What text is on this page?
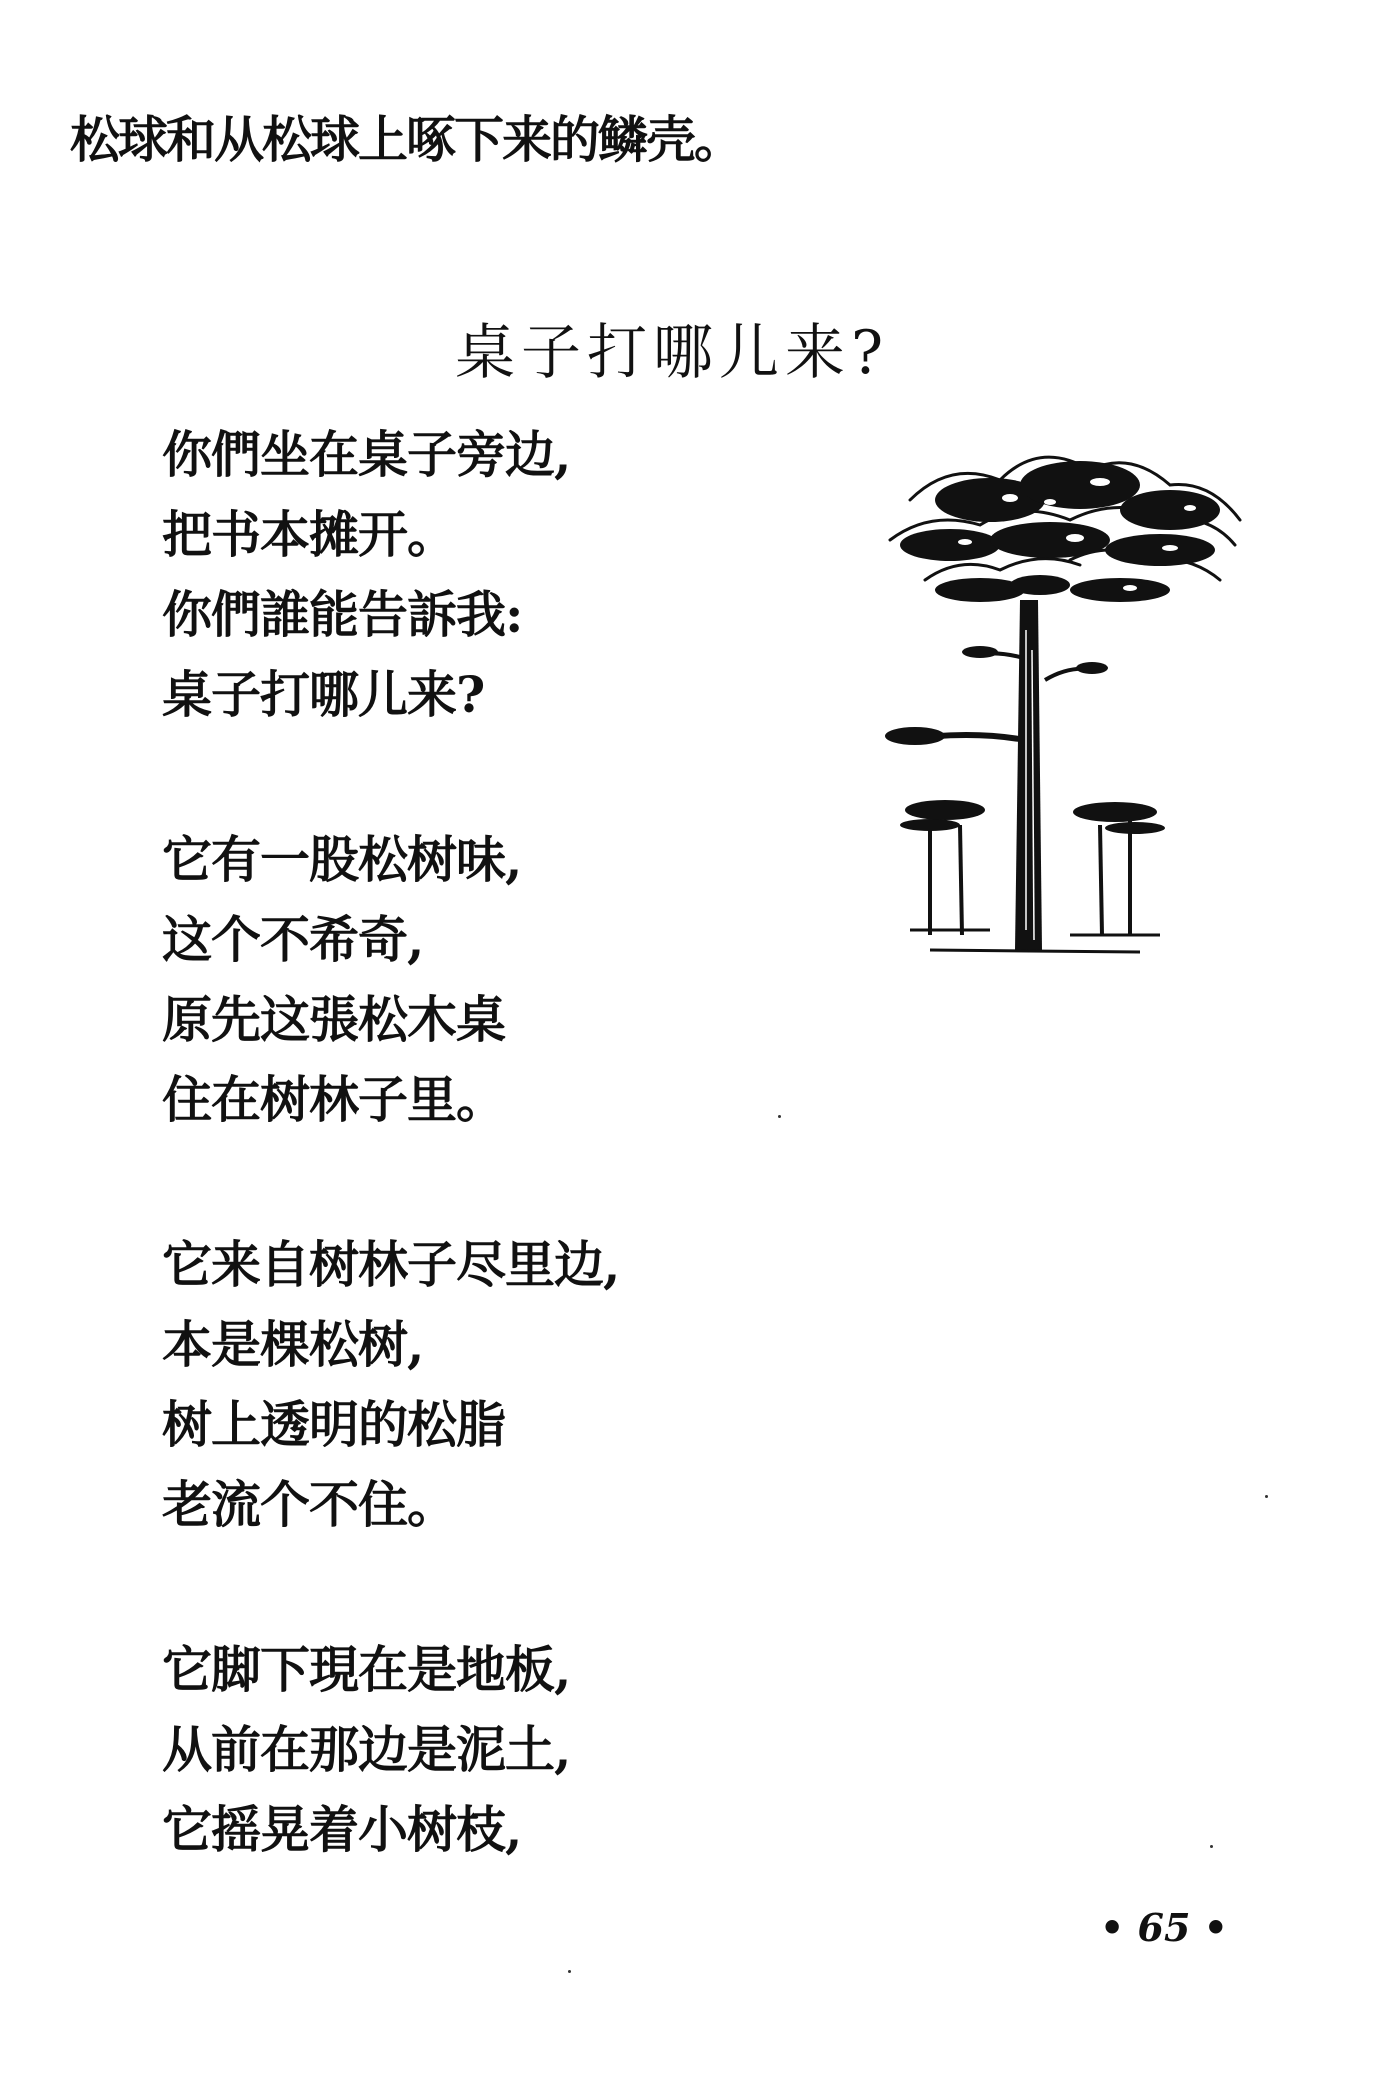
松球和从松球上啄下来的鳞壳。
桌子打哪儿来?
你們坐在桌子旁边,
把书本摊开。
你們誰能告訴我:
桌子打哪儿来?
它有一股松树味,
这个不希奇,
原先这張松木桌
住在树林子里。
它来自树林子尽里边,
本是棵松树,
树上透明的松脂
老流个不住。
它脚下現在是地板,
从前在那边是泥土,
它摇晃着小树枝,
• 65 •
